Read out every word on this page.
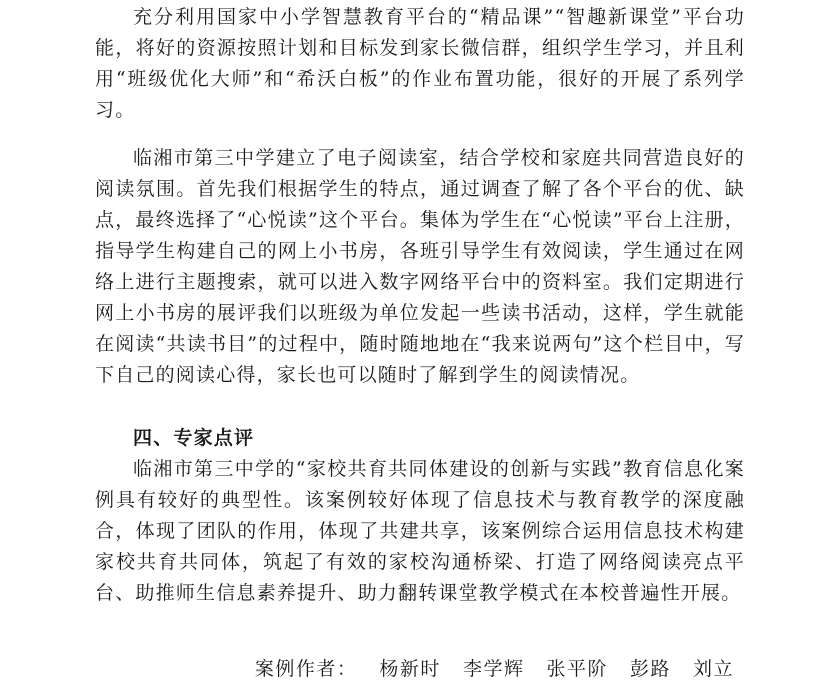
充分利用国家中小学智慧教育平台的“精品课”“智趣新课堂”平台功能，将好的资源按照计划和目标发到家长微信群，组织学生学习，并且利用“班级优化大师”和“希沃白板”的作业布置功能，很好的开展了系列学习。

临湘市第三中学建立了电子阅读室，结合学校和家庭共同营造良好的阅读氛围。首先我们根据学生的特点，通过调查了解了各个平台的优、缺点，最终选择了“心悦读”这个平台。集体为学生在“心悦读”平台上注册，指导学生构建自己的网上小书房，各班引导学生有效阅读，学生通过在网络上进行主题搜索，就可以进入数字网络平台中的资料室。我们定期进行网上小书房的展评我们以班级为单位发起一些读书活动，这样，学生就能在阅读“共读书目”的过程中，随时随地地在“我来说两句”这个栏目中，写下自己的阅读心得，家长也可以随时了解到学生的阅读情况。

四、专家点评

临湘市第三中学的“家校共育共同体建设的创新与实践”教育信息化案例具有较好的典型性。该案例较好体现了信息技术与教育教学的深度融合，体现了团队的作用，体现了共建共享，该案例综合运用信息技术构建家校共育共同体，筑起了有效的家校沟通桥梁、打造了网络阅读亮点平台、助推师生信息素养提升、助力翻转课堂教学模式在本校普遍性开展。

案例作者： 杨新时 李学辉 张平阶 彭路 刘立
